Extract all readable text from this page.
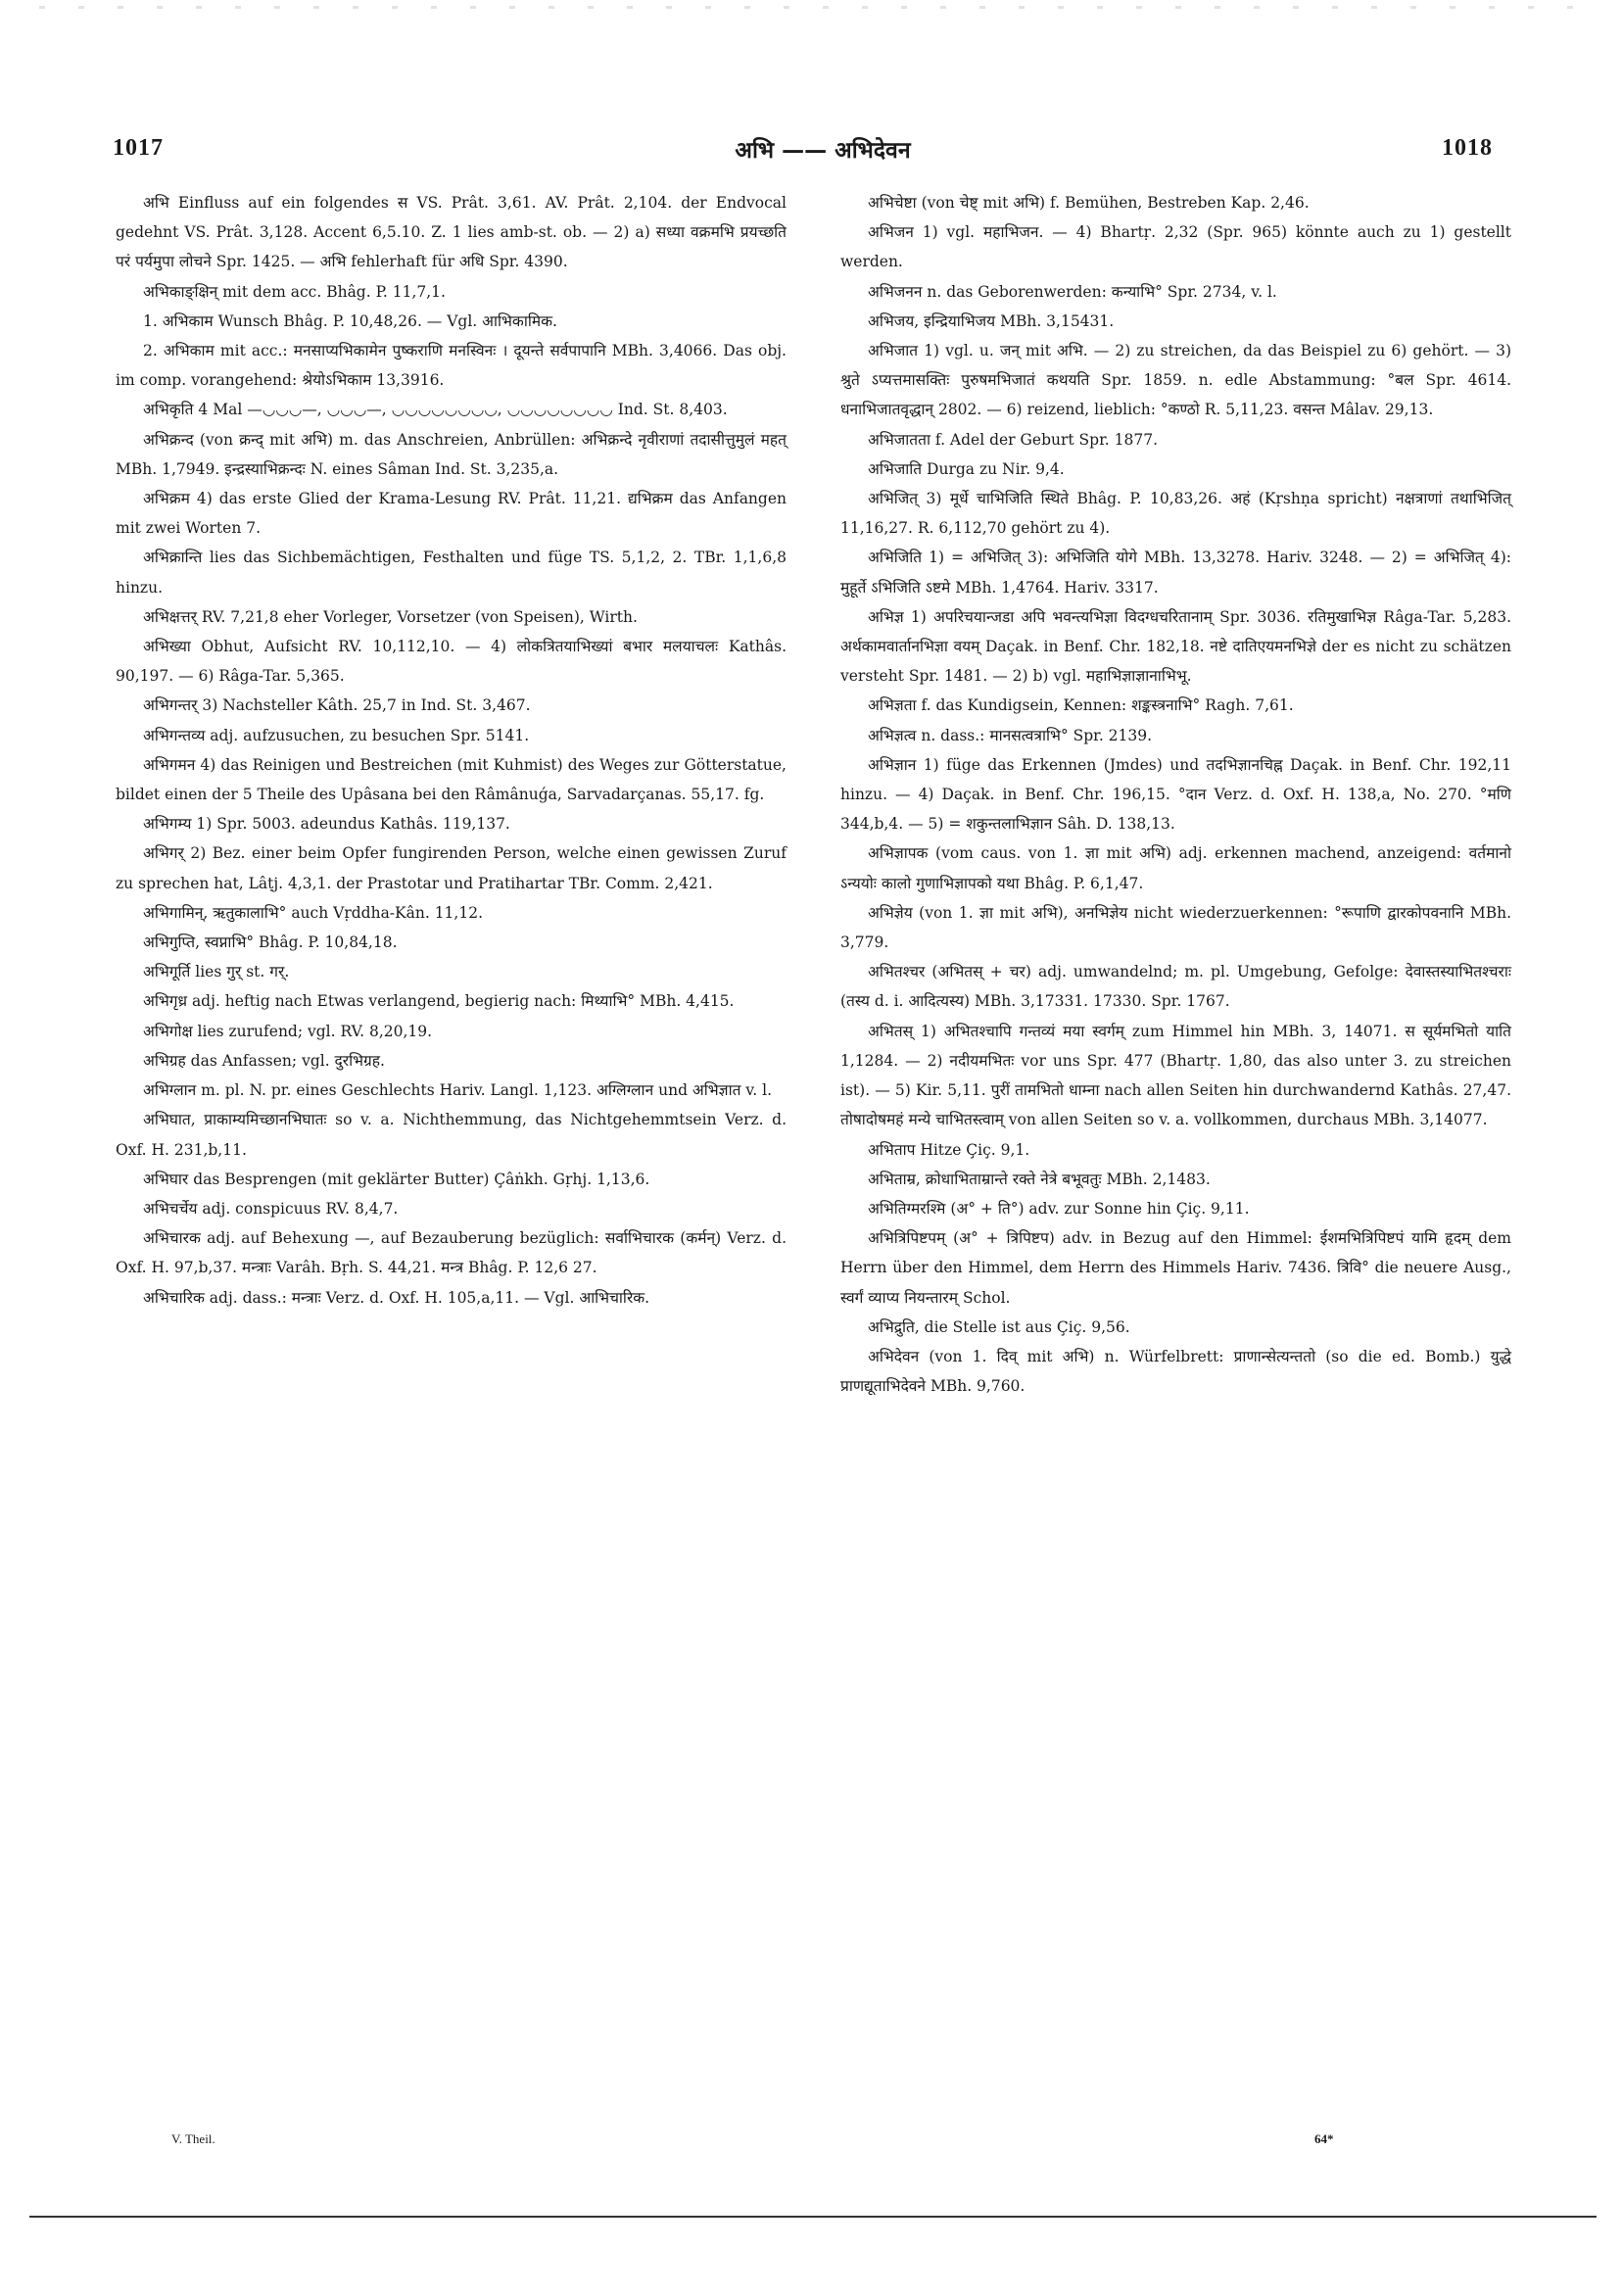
1017	अभि —— अभिदेवन	1018

अभि Einfluss auf ein folgendes स VS. Prât. 3,61. AV. Prât. 2,104. der Endvocal gedehnt VS. Prât. 3,128. Accent 6,5.10. Z. 1 lies amb-st. ob. — 2) a) सध्या वक्रमभि प्रयच्छति परं पर्यमुपा लोचने Spr. 1425. — अभि fehlerhaft für अधि Spr. 4390.

अभिकाङ्क्षिन् mit dem acc. Bhâg. P. 11,7,1.

1. अभिकाम Wunsch Bhâg. P. 10,48,26. — Vgl. आभिकामिक.

2. अभिकाम mit acc.: मनसाप्यभिकामेन पुष्कराणि मनस्विनः । दूयन्ते सर्वपापानि MBh. 3,4066. Das obj. im comp. vorangehend: श्रेयोऽभिकाम 13,3916.

अभिकृति 4 Mal —◡◡◡—, ◡◡◡—, ◡◡◡◡◡◡◡◡, ◡◡◡◡◡◡◡◡ Ind. St. 8,403.

अभिक्रन्द (von क्रन्द् mit अभि) m. das Anschreien, Anbrüllen: अभिक्रन्दे नृवीराणां तदासीत्तुमुलं महत् MBh. 1,7949. इन्द्रस्याभिक्रन्दः N. eines Sâman Ind. St. 3,235,a.

अभिक्रम 4) das erste Glied der Krama-Lesung RV. Prât. 11,21. द्यभिक्रम das Anfangen mit zwei Worten 7.

अभिक्रान्ति lies das Sichbemächtigen, Festhalten und füge TS. 5,1,2, 2. TBr. 1,1,6,8 hinzu.

अभिक्षत्तर् RV. 7,21,8 eher Vorleger, Vorsetzer (von Speisen), Wirth.

अभिख्या Obhut, Aufsicht RV. 10,112,10. — 4) लोकत्रितयाभिख्यां बभार मलयाचलः Kathâs. 90,197. — 6) Râga-Tar. 5,365.

अभिगन्तर् 3) Nachsteller Kâth. 25,7 in Ind. St. 3,467.

अभिगन्तव्य adj. aufzusuchen, zu besuchen Spr. 5141.

अभिगमन 4) das Reinigen und Bestreichen (mit Kuhmist) des Weges zur Götterstatue, bildet einen der 5 Theile des Upâsana bei den Râmânuǵa, Sarvadarçanas. 55,17. fg.

अभिगम्य 1) Spr. 5003. adeundus Kathâs. 119,137.

अभिगर् 2) Bez. einer beim Opfer fungirenden Person, welche einen gewissen Zuruf zu sprechen hat, Lâṭj. 4,3,1. der Prastotar und Pratihartar TBr. Comm. 2,421.

अभिगामिन्, ऋतुकालाभि° auch Vṛddha-Kân. 11,12.

अभिगुप्ति, स्वप्नाभि° Bhâg. P. 10,84,18.

अभिगूर्ति lies गुर् st. गर्.

अभिगृध्र adj. heftig nach Etwas verlangend, begierig nach: मिथ्याभि° MBh. 4,415.

अभिगोक्ष lies zurufend; vgl. RV. 8,20,19.

अभिग्रह das Anfassen; vgl. दुरभिग्रह.

अभिग्लान m. pl. N. pr. eines Geschlechts Hariv. Langl. 1,123. अग्लिग्लान und अभिज्ञात v. l.

अभिघात, प्राकाम्यमिच्छानभिघातः so v. a. Nichthemmung, das Nichtgehemmtsein Verz. d. Oxf. H. 231,b,11.

अभिघार das Besprengen (mit geklärter Butter) Çâṅkh. Gṛhj. 1,13,6.

अभिचर्चेय adj. conspicuus RV. 8,4,7.

अभिचारक adj. auf Behexung —, auf Bezauberung bezüglich: सर्वाभिचारक (कर्मन्) Verz. d. Oxf. H. 97,b,37. मन्त्राः Varâh. Bṛh. S. 44,21. मन्त्र Bhâg. P. 12,6 27.

अभिचारिक adj. dass.: मन्त्राः Verz. d. Oxf. H. 105,a,11. — Vgl. आभिचारिक.

अभिचेष्टा (von चेष्ट् mit अभि) f. Bemühen, Bestreben Kap. 2,46.

अभिजन 1) vgl. महाभिजन. — 4) Bhartṛ. 2,32 (Spr. 965) könnte auch zu 1) gestellt werden.

अभिजनन n. das Geborenwerden: कन्याभि° Spr. 2734, v. l.

अभिजय, इन्द्रियाभिजय MBh. 3,15431.

अभिजात 1) vgl. u. जन् mit अभि. — 2) zu streichen, da das Beispiel zu 6) gehört. — 3) श्रुते ऽप्यत्तमासक्तिः पुरुषमभिजातं कथयति Spr. 1859. n. edle Abstammung: °बल Spr. 4614. धनाभिजातवृद्धान् 2802. — 6) reizend, lieblich: °कण्ठो R. 5,11,23. वसन्त Mâlav. 29,13.

अभिजातता f. Adel der Geburt Spr. 1877.

अभिजाति Durga zu Nir. 9,4.

अभिजित् 3) मूर्धे चाभिजिति स्थिते Bhâg. P. 10,83,26. अहं (Kṛshṇa spricht) नक्षत्राणां तथाभिजित् 11,16,27. R. 6,112,70 gehört zu 4).

अभिजिति 1) = अभिजित् 3): अभिजिति योगे MBh. 13,3278. Hariv. 3248. — 2) = अभिजित् 4): मुहूर्ते ऽभिजिति ऽष्टमे MBh. 1,4764. Hariv. 3317.

अभिज्ञ 1) अपरिचयान्जडा अपि भवन्त्यभिज्ञा विदग्धचरितानाम् Spr. 3036. रतिमुखाभिज्ञ Râga-Tar. 5,283. अर्थकामवार्तानभिज्ञा वयम् Daçak. in Benf. Chr. 182,18. नष्टे दातिएयमनभिज्ञे der es nicht zu schätzen versteht Spr. 1481. — 2) b) vgl. महाभिज्ञाज्ञानाभिभू.

अभिज्ञता f. das Kundigsein, Kennen: शङ्कस्त्रनाभि° Ragh. 7,61.

अभिज्ञत्व n. dass.: मानसत्वत्राभि° Spr. 2139.

अभिज्ञान 1) füge das Erkennen (Jmdes) und तदभिज्ञानचिह्न Daçak. in Benf. Chr. 192,11 hinzu. — 4) Daçak. in Benf. Chr. 196,15. °दान Verz. d. Oxf. H. 138,a, No. 270. °मणि 344,b,4. — 5) = शकुन्तलाभिज्ञान Sâh. D. 138,13.

अभिज्ञापक (vom caus. von 1. ज्ञा mit अभि) adj. erkennen machend, anzeigend: वर्तमानो ऽन्ययोः कालो गुणाभिज्ञापको यथा Bhâg. P. 6,1,47.

अभिज्ञेय (von 1. ज्ञा mit अभि), अनभिज्ञेय nicht wiederzuerkennen: °रूपाणि द्वारकोपवनानि MBh. 3,779.

अभितश्चर (अभितस् + चर) adj. umwandelnd; m. pl. Umgebung, Gefolge: देवास्तस्याभितश्चराः (तस्य d. i. आदित्यस्य) MBh. 3,17331. 17330. Spr. 1767.

अभितस् 1) अभितश्चापि गन्तव्यं मया स्वर्गम् zum Himmel hin MBh. 3, 14071. स सूर्यमभितो याति 1,1284. — 2) नदीयमभितः vor uns Spr. 477 (Bhartṛ. 1,80, das also unter 3. zu streichen ist). — 5) Kir. 5,11. पुरीं तामभितो धाम्ना nach allen Seiten hin durchwandernd Kathâs. 27,47. तोषादोषमहं मन्ये चाभितस्त्वाम् von allen Seiten so v. a. vollkommen, durchaus MBh. 3,14077.

अभिताप Hitze Çiç. 9,1.

अभिताम्र, क्रोधाभिताम्रान्ते रक्ते नेत्रे बभूवतुः MBh. 2,1483.

अभितिग्मरश्मि (अ° + ति°) adv. zur Sonne hin Çiç. 9,11.

अभित्रिपिष्टपम् (अ° + त्रिपिष्टप) adv. in Bezug auf den Himmel: ईशमभित्रिपिष्टपं यामि हृदम् dem Herrn über den Himmel, dem Herrn des Himmels Hariv. 7436. त्रिवि° die neuere Ausg., स्वर्गं व्याप्य नियन्तारम् Schol.

अभिद्रुति, die Stelle ist aus Çiç. 9,56.

अभिदेवन (von 1. दिव् mit अभि) n. Würfelbrett: प्राणान्सेत्यन्ततो (so die ed. Bomb.) युद्धे प्राणद्यूताभिदेवने MBh. 9,760.

V. Theil.	64*
